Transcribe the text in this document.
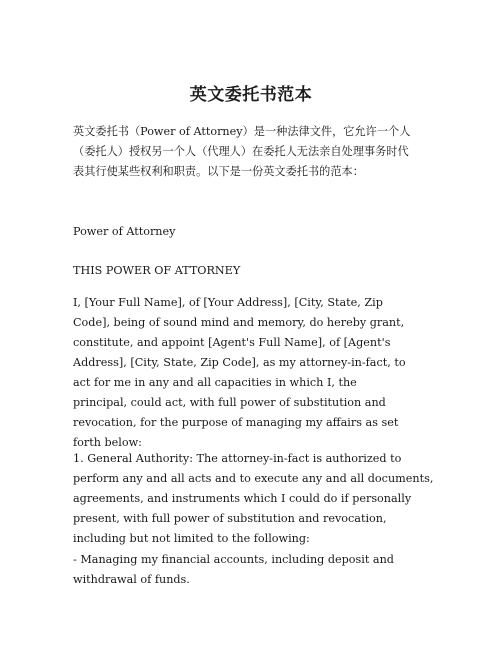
英文委托书范本
英文委托书（Power of Attorney）是一种法律文件，它允许一个人
（委托人）授权另一个人（代理人）在委托人无法亲自处理事务时代
表其行使某些权利和职责。以下是一份英文委托书的范本：
Power of Attorney
THIS POWER OF ATTORNEY
I, [Your Full Name], of [Your Address], [City, State, Zip
Code], being of sound mind and memory, do hereby grant,
constitute, and appoint [Agent's Full Name], of [Agent's
Address], [City, State, Zip Code], as my attorney-in-fact, to
act for me in any and all capacities in which I, the
principal, could act, with full power of substitution and
revocation, for the purpose of managing my affairs as set
forth below:
1. General Authority: The attorney-in-fact is authorized to
perform any and all acts and to execute any and all documents,
agreements, and instruments which I could do if personally
present, with full power of substitution and revocation,
including but not limited to the following:
- Managing my financial accounts, including deposit and
withdrawal of funds.
